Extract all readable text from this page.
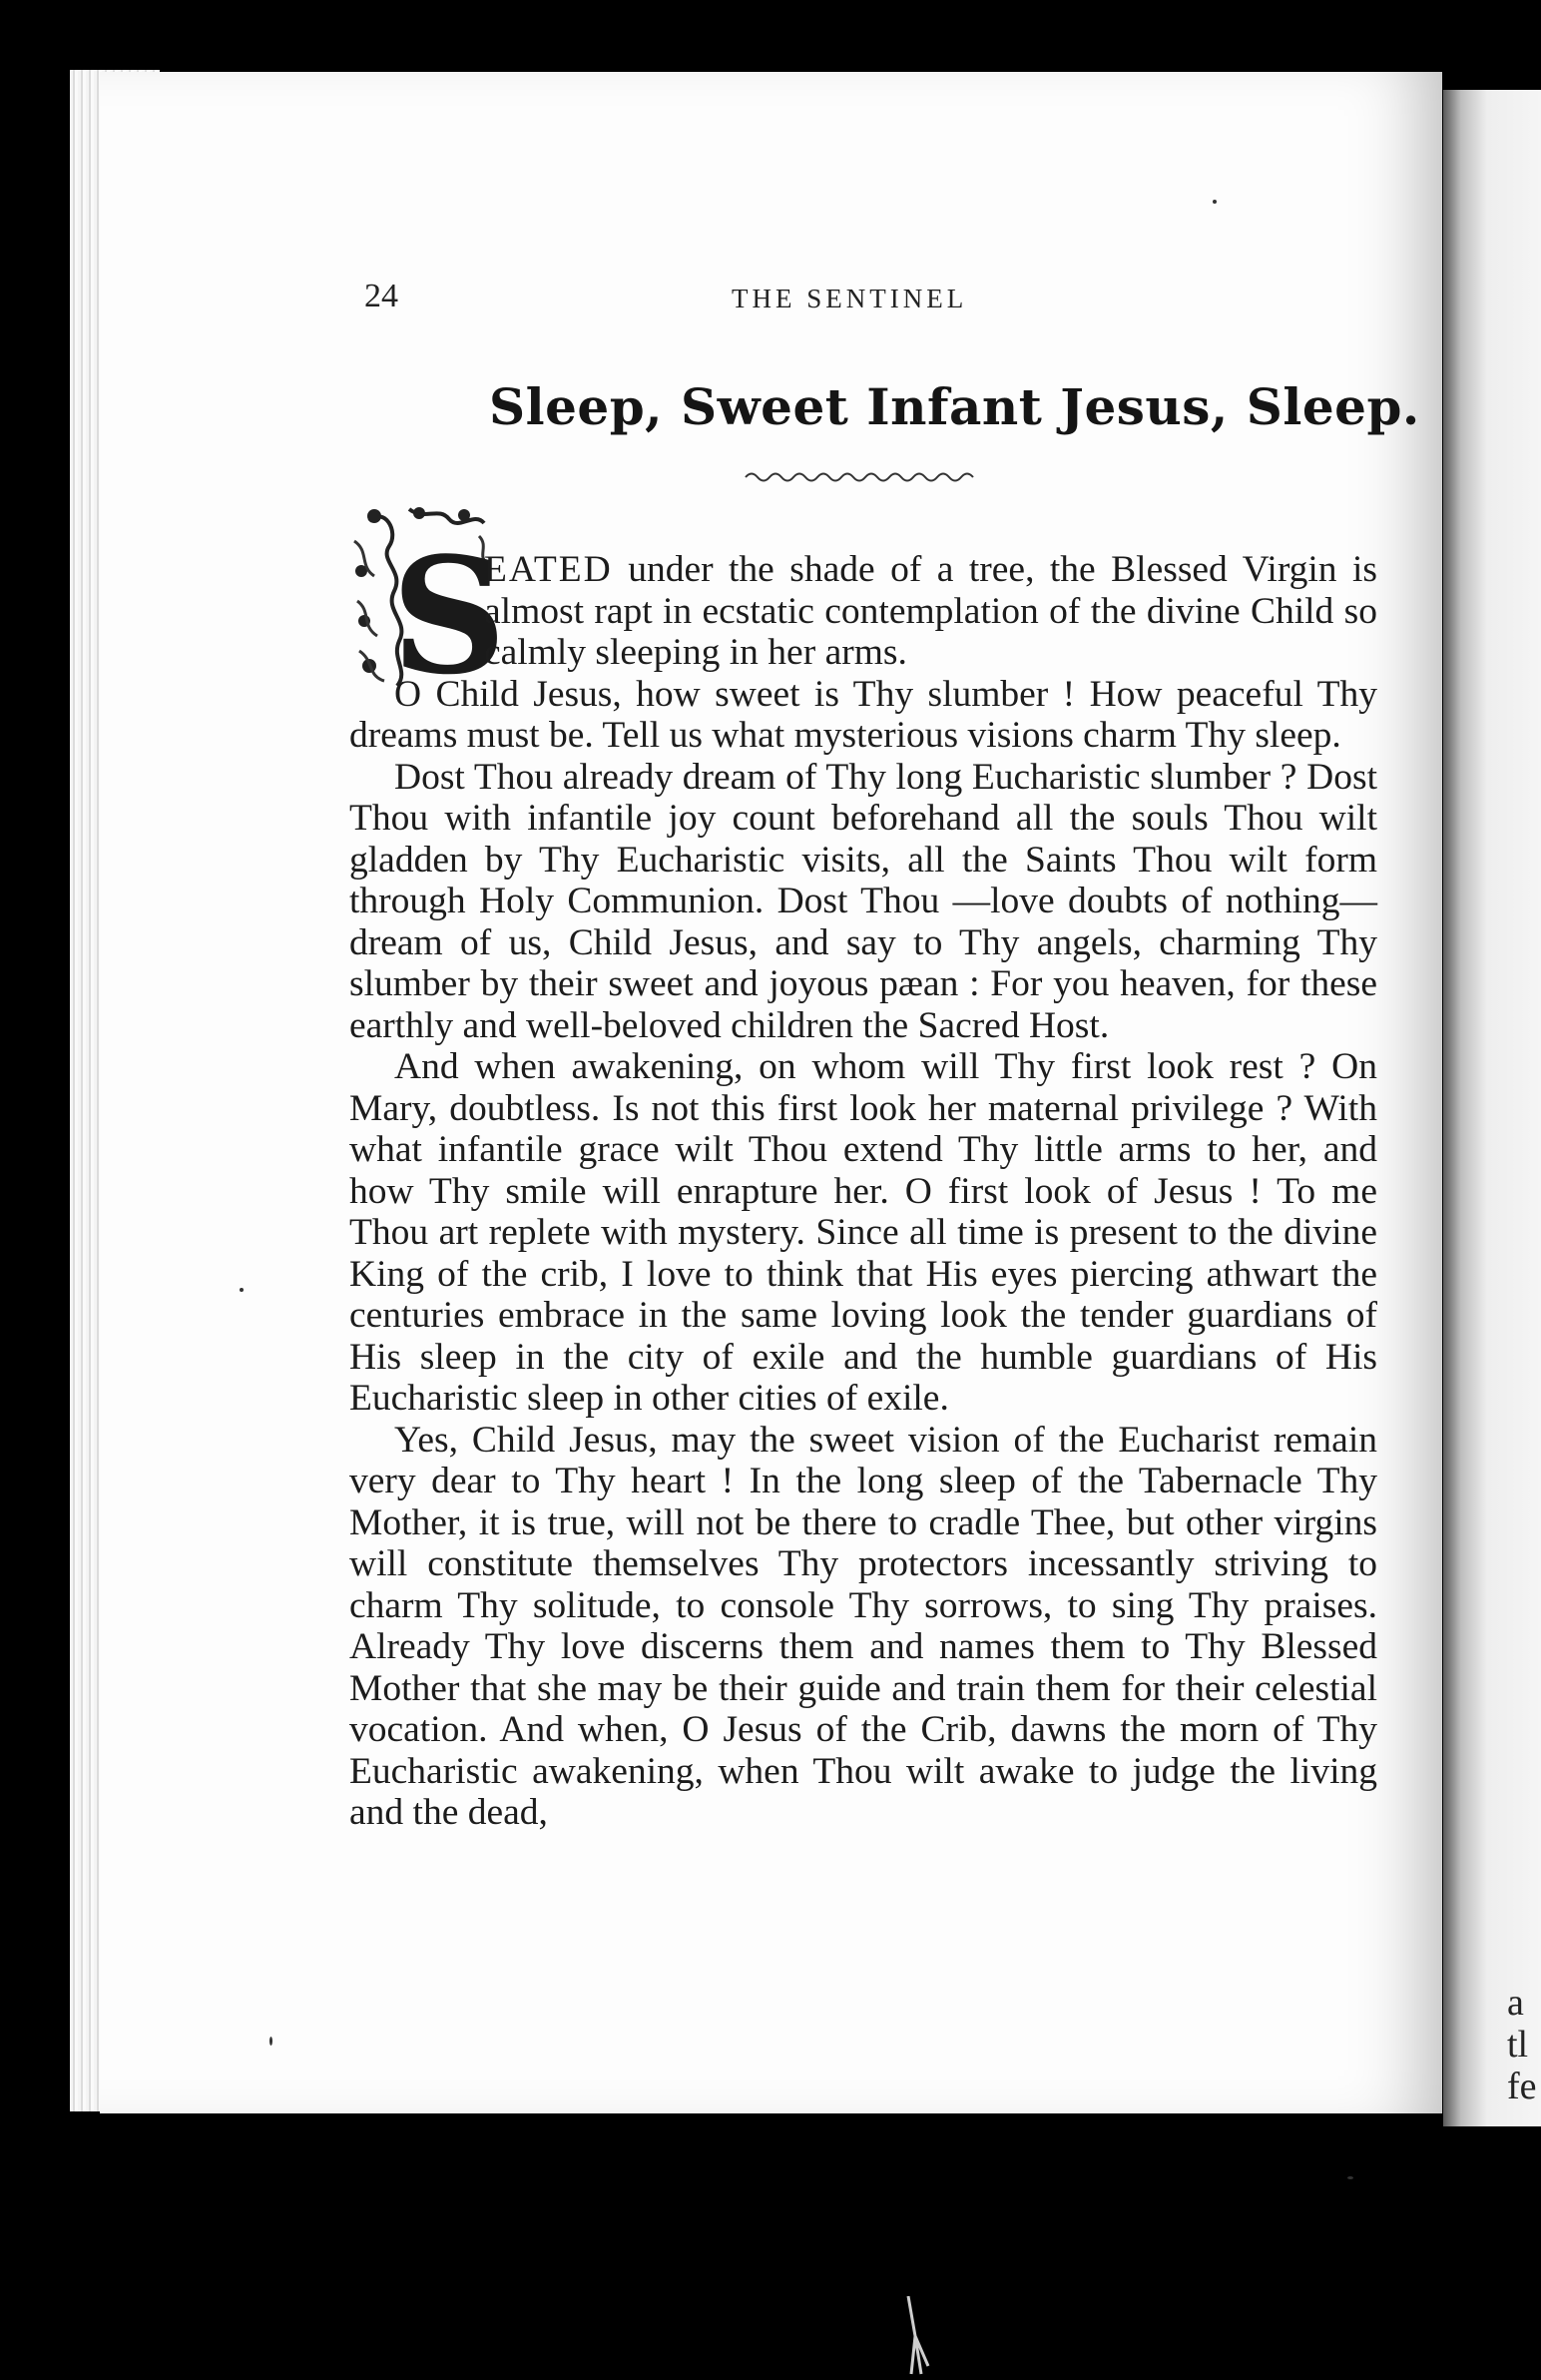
a
tl
fe
24	THE SENTINEL
Sleep, Sweet Infant Jesus, Sleep.
S

EATED under the shade of a tree, the Blessed Virgin is almost rapt in ecstatic contemplation of the divine Child so calmly sleeping in her arms.

O Child Jesus, how sweet is Thy slumber ! How peaceful Thy dreams must be. Tell us what mysterious visions charm Thy sleep.

Dost Thou already dream of Thy long Eucharistic slumber ? Dost Thou with infantile joy count beforehand all the souls Thou wilt gladden by Thy Eucharistic visits, all the Saints Thou wilt form through Holy Communion. Dost Thou —love doubts of nothing—dream of us, Child Jesus, and say to Thy angels, charming Thy slumber by their sweet and joyous pæan : For you heaven, for these earthly and well-beloved children the Sacred Host.

And when awakening, on whom will Thy first look rest ? On Mary, doubtless. Is not this first look her maternal privilege ? With what infantile grace wilt Thou extend Thy little arms to her, and how Thy smile will enrapture her. O first look of Jesus ! To me Thou art replete with mystery. Since all time is present to the divine King of the crib, I love to think that His eyes piercing athwart the centuries embrace in the same loving look the tender guardians of His sleep in the city of exile and the humble guardians of His Eucharistic sleep in other cities of exile.

Yes, Child Jesus, may the sweet vision of the Eucharist remain very dear to Thy heart ! In the long sleep of the Tabernacle Thy Mother, it is true, will not be there to cradle Thee, but other virgins will constitute themselves Thy protectors incessantly striving to charm Thy solitude, to console Thy sorrows, to sing Thy praises. Already Thy love discerns them and names them to Thy Blessed Mother that she may be their guide and train them for their celestial vocation. And when, O Jesus of the Crib, dawns the morn of Thy Eucharistic awakening, when Thou wilt awake to judge the living and the dead,
